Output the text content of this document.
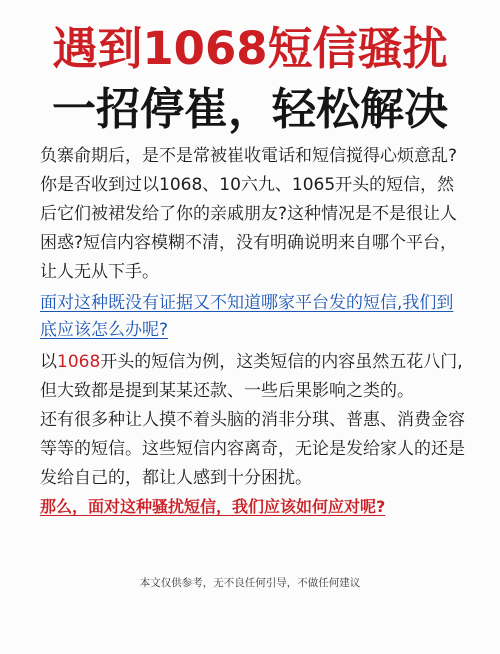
遇到1068短信骚扰
一招停崔，轻松解决

负寨俞期后，是不是常被崔收電话和短信搅得心烦意乱?你是否收到过以1068、10六九、1065开头的短信，然后它们被裙发给了你的亲戚朋友?这种情况是不是很让人困惑?短信内容模糊不清，没有明确说明来自哪个平台，让人无从下手。

面对这种既没有证据又不知道哪家平台发的短信,我们到底应该怎么办呢?

以1068开头的短信为例，这类短信的内容虽然五花八门,但大致都是提到某某还款、一些后果影响之类的。

还有很多种让人摸不着头脑的消非分琪、普惠、消费金容等等的短信。这些短信内容离奇，无论是发给家人的还是发给自己的，都让人感到十分困扰。

那么，面对这种骚扰短信，我们应该如何应对呢?

本文仅供参考，无不良任何引导，不做任何建议
